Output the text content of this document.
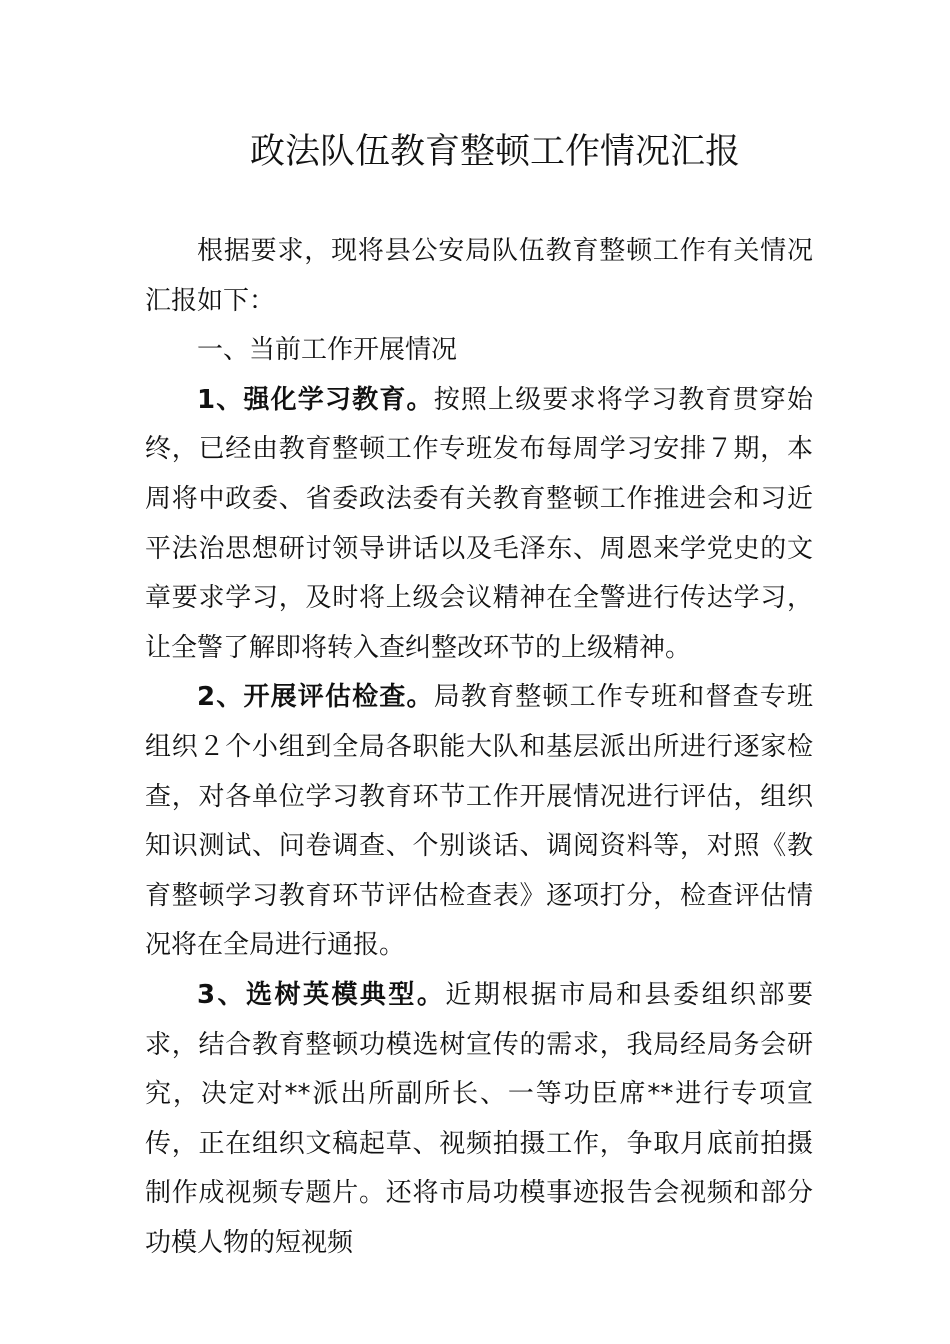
政法队伍教育整顿工作情况汇报

根据要求，现将县公安局队伍教育整顿工作有关情况汇报如下：

一、当前工作开展情况

1、强化学习教育。按照上级要求将学习教育贯穿始终，已经由教育整顿工作专班发布每周学习安排７期，本周将中政委、省委政法委有关教育整顿工作推进会和习近平法治思想研讨领导讲话以及毛泽东、周恩来学党史的文章要求学习，及时将上级会议精神在全警进行传达学习，让全警了解即将转入查纠整改环节的上级精神。

2、开展评估检查。局教育整顿工作专班和督查专班组织２个小组到全局各职能大队和基层派出所进行逐家检查，对各单位学习教育环节工作开展情况进行评估，组织知识测试、问卷调查、个别谈话、调阅资料等，对照《教育整顿学习教育环节评估检查表》逐项打分，检查评估情况将在全局进行通报。

3、选树英模典型。近期根据市局和县委组织部要求，结合教育整顿功模选树宣传的需求，我局经局务会研究，决定对**派出所副所长、一等功臣席**进行专项宣传，正在组织文稿起草、视频拍摄工作，争取月底前拍摄制作成视频专题片。还将市局功模事迹报告会视频和部分功模人物的短视频
